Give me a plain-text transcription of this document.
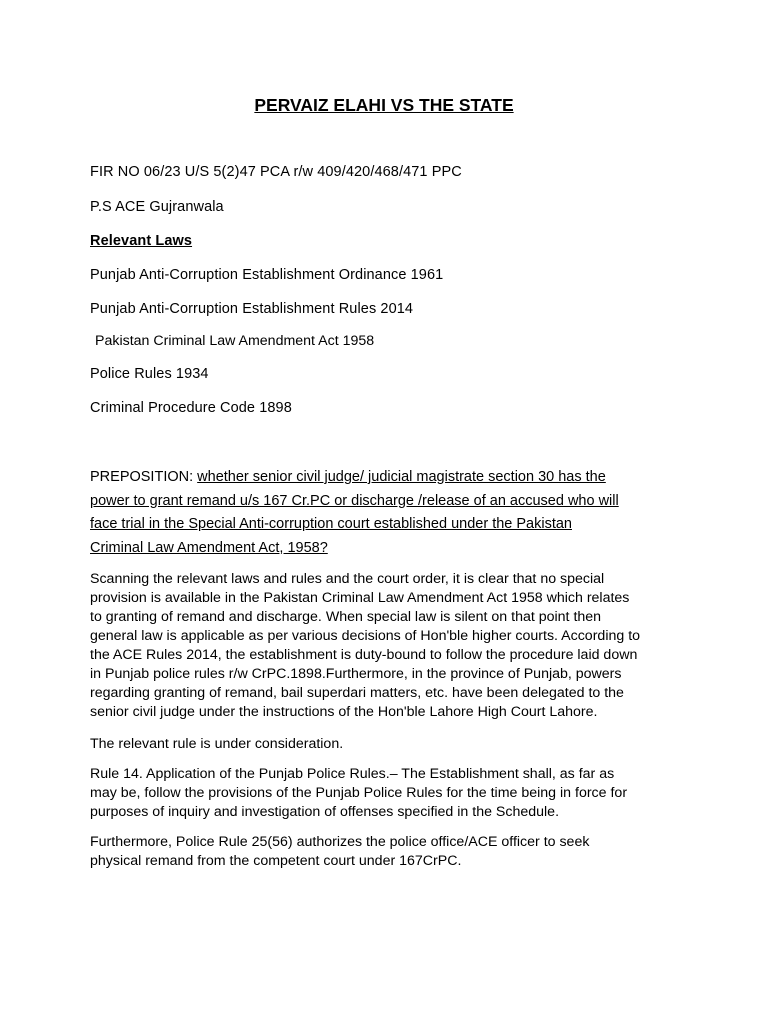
PERVAIZ ELAHI VS THE STATE
FIR NO 06/23 U/S 5(2)47 PCA r/w 409/420/468/471 PPC
P.S ACE Gujranwala
Relevant Laws
Punjab Anti-Corruption Establishment Ordinance 1961
Punjab Anti-Corruption Establishment Rules 2014
Pakistan Criminal Law Amendment Act 1958
Police Rules 1934
Criminal Procedure Code 1898
PREPOSITION: whether senior civil judge/ judicial magistrate section 30 has the
power to grant remand u/s 167 Cr.PC or discharge /release of an accused who will
face trial in the Special Anti-corruption court established under the Pakistan
Criminal Law Amendment Act, 1958?
Scanning the relevant laws and rules and the court order, it is clear that no special
provision is available in the Pakistan Criminal Law Amendment Act 1958 which relates
to granting of remand and discharge. When special law is silent on that point then
general law is applicable as per various decisions of Hon'ble higher courts. According to
the ACE Rules 2014, the establishment is duty-bound to follow the procedure laid down
in Punjab police rules r/w CrPC.1898.Furthermore, in the province of Punjab, powers
regarding granting of remand, bail superdari matters, etc. have been delegated to the
senior civil judge under the instructions of the Hon'ble Lahore High Court Lahore.
The relevant rule is under consideration.
Rule 14. Application of the Punjab Police Rules.– The Establishment shall, as far as
may be, follow the provisions of the Punjab Police Rules for the time being in force for
purposes of inquiry and investigation of offenses specified in the Schedule.
Furthermore, Police Rule 25(56) authorizes the police office/ACE officer to seek
physical remand from the competent court under 167CrPC.
